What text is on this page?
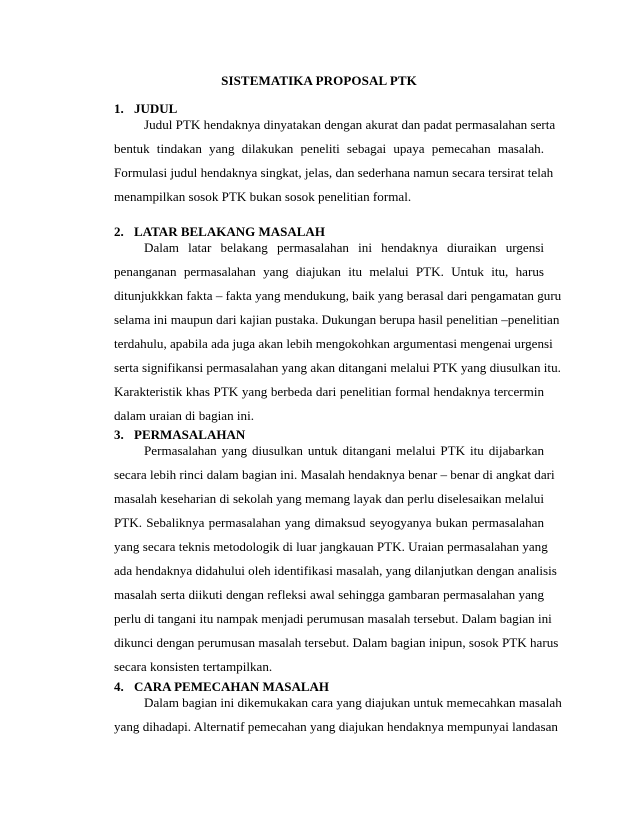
SISTEMATIKA PROPOSAL PTK
1. JUDUL

Judul PTK hendaknya dinyatakan dengan akurat dan padat permasalahan serta

bentuk tindakan yang dilakukan peneliti sebagai upaya pemecahan masalah.

Formulasi judul hendaknya singkat, jelas, dan sederhana namun secara tersirat telah

menampilkan sosok PTK bukan sosok penelitian formal.

2. LATAR BELAKANG MASALAH

Dalam latar belakang permasalahan ini hendaknya diuraikan urgensi

penanganan permasalahan yang diajukan itu melalui PTK. Untuk itu, harus

ditunjukkkan fakta – fakta yang mendukung, baik yang berasal dari pengamatan guru

selama ini maupun dari kajian pustaka. Dukungan berupa hasil penelitian –penelitian

terdahulu, apabila ada juga akan lebih mengokohkan argumentasi mengenai urgensi

serta signifikansi permasalahan yang akan ditangani melalui PTK yang diusulkan itu.

Karakteristik khas PTK yang berbeda dari penelitian formal hendaknya tercermin

dalam uraian di bagian ini.

3. PERMASALAHAN

Permasalahan yang diusulkan untuk ditangani melalui PTK itu dijabarkan

secara lebih rinci dalam bagian ini. Masalah hendaknya benar – benar di angkat dari

masalah keseharian di sekolah yang memang layak dan perlu diselesaikan melalui

PTK. Sebaliknya permasalahan yang dimaksud seyogyanya bukan permasalahan

yang secara teknis metodologik di luar jangkauan PTK. Uraian permasalahan yang

ada hendaknya didahului oleh identifikasi masalah, yang dilanjutkan dengan analisis

masalah serta diikuti dengan refleksi awal sehingga gambaran permasalahan yang

perlu di tangani itu nampak menjadi perumusan masalah tersebut. Dalam bagian ini

dikunci dengan perumusan masalah tersebut. Dalam bagian inipun, sosok PTK harus

secara konsisten tertampilkan.

4. CARA PEMECAHAN MASALAH

Dalam bagian ini dikemukakan cara yang diajukan untuk memecahkan masalah

yang dihadapi. Alternatif pemecahan yang diajukan hendaknya mempunyai landasan
